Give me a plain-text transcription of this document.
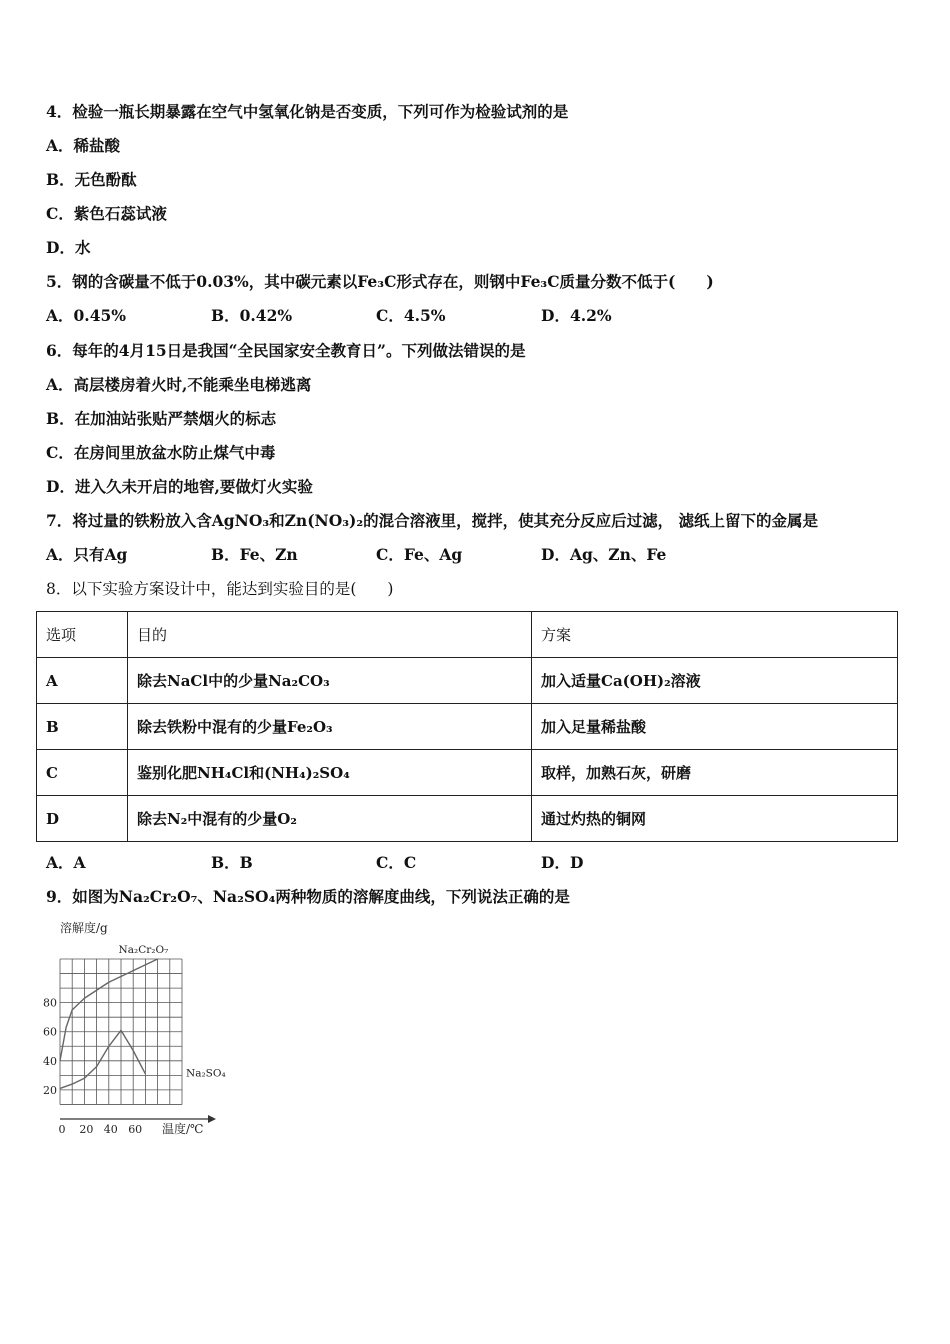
4．检验一瓶长期暴露在空气中氢氧化钠是否变质，下列可作为检验试剂的是
A．稀盐酸
B．无色酚酞
C．紫色石蕊试液
D．水
5．钢的含碳量不低于0.03%，其中碳元素以Fe₃C形式存在，则钢中Fe₃C质量分数不低于(　　)
A．0.45%	B．0.42%	C．4.5%	D．4.2%
6．每年的4月15日是我国“全民国家安全教育日”。下列做法错误的是
A．高层楼房着火时,不能乘坐电梯逃离
B．在加油站张贴严禁烟火的标志
C．在房间里放盆水防止煤气中毒
D．进入久未开启的地窖,要做灯火实验
7．将过量的铁粉放入含AgNO₃和Zn(NO₃)₂的混合溶液里，搅拌，使其充分反应后过滤， 滤纸上留下的金属是
A．只有Ag	B．Fe、Zn	C．Fe、Ag	D．Ag、Zn、Fe
8．以下实验方案设计中，能达到实验目的是(　　)
选项	目的	方案
A	除去NaCl中的少量Na₂CO₃	加入适量Ca(OH)₂溶液
B	除去铁粉中混有的少量Fe₂O₃	加入足量稀盐酸
C	鉴别化肥NH₄Cl和(NH₄)₂SO₄	取样，加熟石灰，研磨
D	除去N₂中混有的少量O₂	通过灼热的铜网
A．A	B．B	C．C	D．D
9．如图为Na₂Cr₂O₇、Na₂SO₄两种物质的溶解度曲线，下列说法正确的是
溶解度/g
温度/℃
20
40
60
80
0 20 40 60
Na₂Cr₂O₇
Na₂SO₄
